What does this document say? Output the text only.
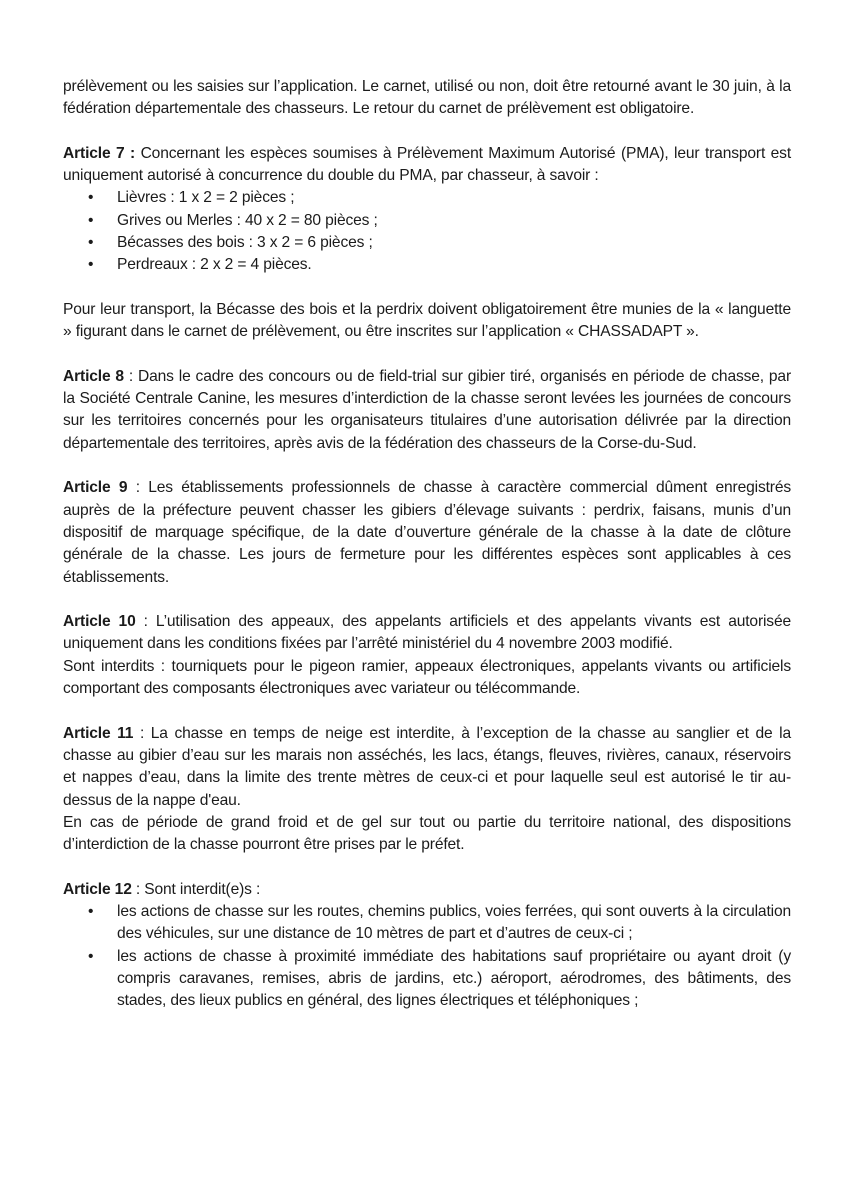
prélèvement ou les saisies sur l’application. Le carnet, utilisé ou non, doit être retourné avant le 30 juin, à la fédération départementale des chasseurs. Le retour du carnet de prélèvement est obligatoire.

Article 7 : Concernant les espèces soumises à Prélèvement Maximum Autorisé (PMA), leur transport est uniquement autorisé à concurrence du double du PMA, par chasseur, à savoir :

• Lièvres : 1 x 2 = 2 pièces ;
• Grives ou Merles : 40 x 2 = 80 pièces ;
• Bécasses des bois : 3 x 2 = 6 pièces ;
• Perdreaux : 2 x 2 = 4 pièces.

Pour leur transport, la Bécasse des bois et la perdrix doivent obligatoirement être munies de la « languette » figurant dans le carnet de prélèvement, ou être inscrites sur l’application « CHASSADAPT ».

Article 8 : Dans le cadre des concours ou de field-trial sur gibier tiré, organisés en période de chasse, par la Société Centrale Canine, les mesures d’interdiction de la chasse seront levées les journées de concours sur les territoires concernés pour les organisateurs titulaires d’une autorisation délivrée par la direction départementale des territoires, après avis de la fédération des chasseurs de la Corse-du-Sud.

Article 9 : Les établissements professionnels de chasse à caractère commercial dûment enregistrés auprès de la préfecture peuvent chasser les gibiers d’élevage suivants : perdrix, faisans, munis d’un dispositif de marquage spécifique, de la date d’ouverture générale de la chasse à la date de clôture générale de la chasse. Les jours de fermeture pour les différentes espèces sont applicables à ces établissements.

Article 10 : L’utilisation des appeaux, des appelants artificiels et des appelants vivants est autorisée uniquement dans les conditions fixées par l’arrêté ministériel du 4 novembre 2003 modifié.

Sont interdits : tourniquets pour le pigeon ramier, appeaux électroniques, appelants vivants ou artificiels comportant des composants électroniques avec variateur ou télécommande.

Article 11 : La chasse en temps de neige est interdite, à l’exception de la chasse au sanglier et de la chasse au gibier d’eau sur les marais non asséchés, les lacs, étangs, fleuves, rivières, canaux, réservoirs et nappes d’eau, dans la limite des trente mètres de ceux-ci et pour laquelle seul est autorisé le tir au-dessus de la nappe d'eau.

En cas de période de grand froid et de gel sur tout ou partie du territoire national, des dispositions d’interdiction de la chasse pourront être prises par le préfet.

Article 12 : Sont interdit(e)s :

• les actions de chasse sur les routes, chemins publics, voies ferrées, qui sont ouverts à la circulation des véhicules, sur une distance de 10 mètres de part et d’autres de ceux-ci ;
• les actions de chasse à proximité immédiate des habitations sauf propriétaire ou ayant droit (y compris caravanes, remises, abris de jardins, etc.) aéroport, aérodromes, des bâtiments, des stades, des lieux publics en général, des lignes électriques et téléphoniques ;
